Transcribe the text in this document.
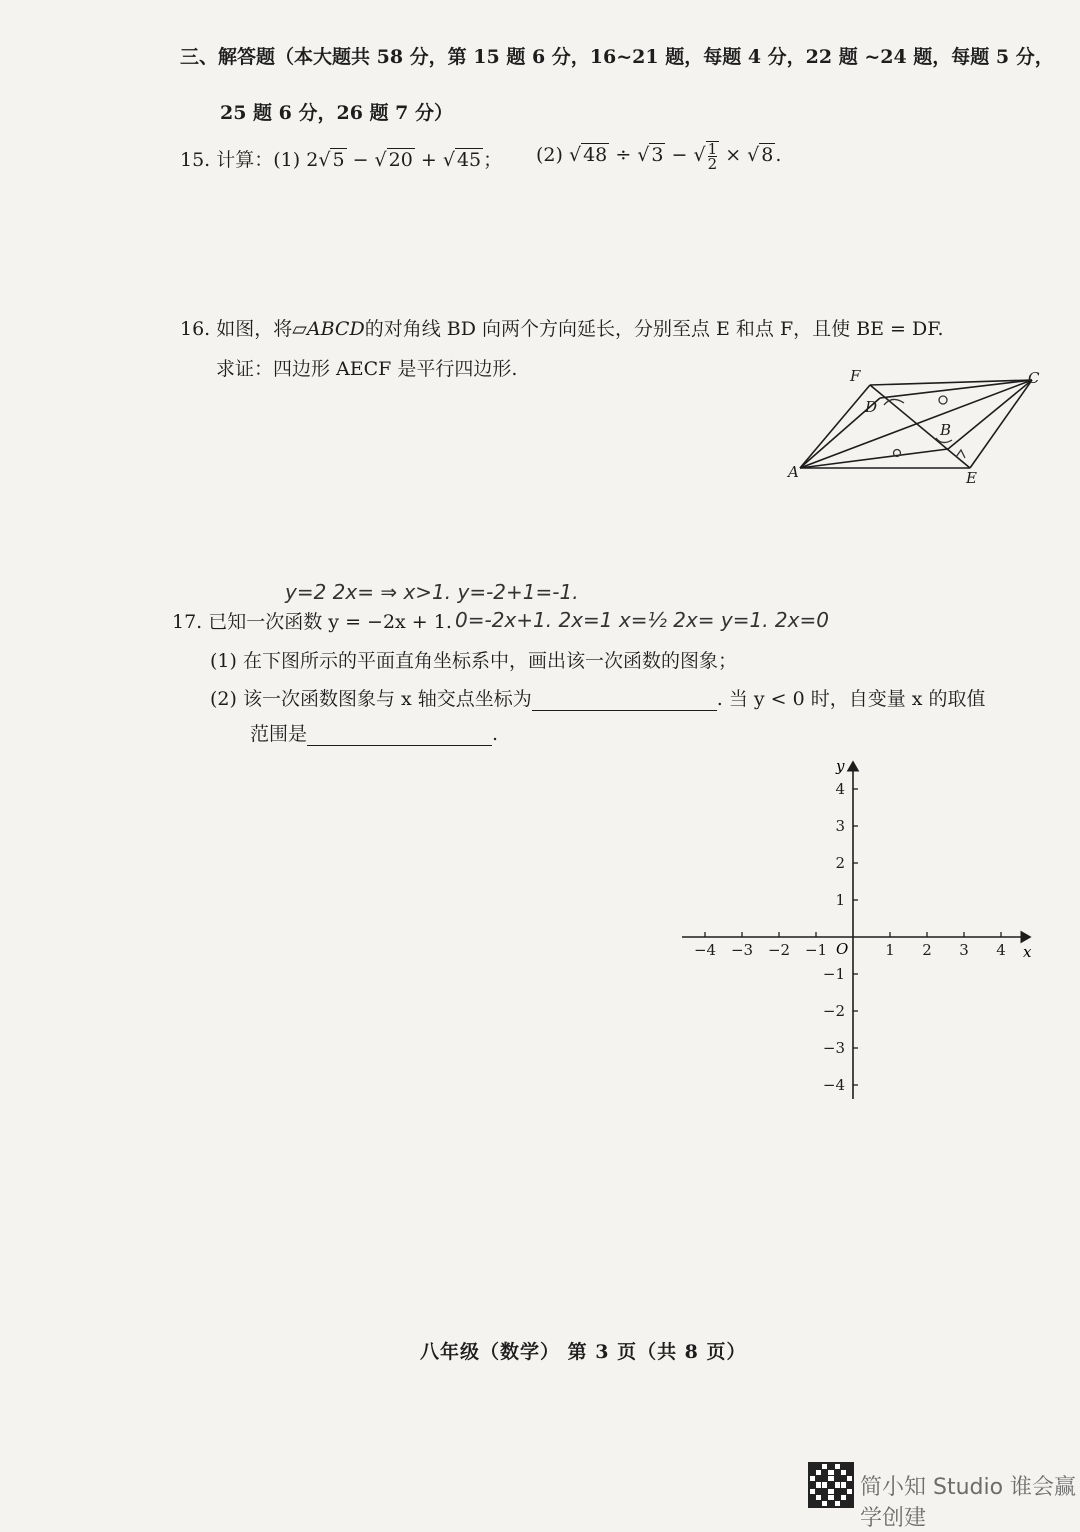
三、解答题（本大题共 58 分，第 15 题 6 分，16~21 题，每题 4 分，22 题 ~24 题，每题 5 分，
25 题 6 分，26 题 7 分）
15. 计算：(1) 2√ 5 − √ 20 + √ 45 ； (2) √ 48 ÷ √ 3 − √ $\frac{1}{2}$ × √ 8 .
16. 如图，将▱ABCD的对角线 BD 向两个方向延长，分别至点 E 和点 F，且使 BE = DF.
求证：四边形 AECF 是平行四边形.	F	C
D
B
A	E
y=2 2x= ⇒ x>1. y=-2+1=-1.
17. 已知一次函数 y = −2x + 1. 0=-2x+1. 2x=1 x=½ 2x= y=1. 2x=0
(1) 在下图所示的平面直角坐标系中，画出该一次函数的图象；
(2) 该一次函数图象与 x 轴交点坐标为	. 当 y < 0 时，自变量 x 的取值
范围是	.
−4 −3 −2 −1	1 2 3 4
4
3
2
1
−1
−2
−3
−4
x
y
O
八年级（数学） 第 3 页（共 8 页）
简小知 Studio 谁会赢学创建
